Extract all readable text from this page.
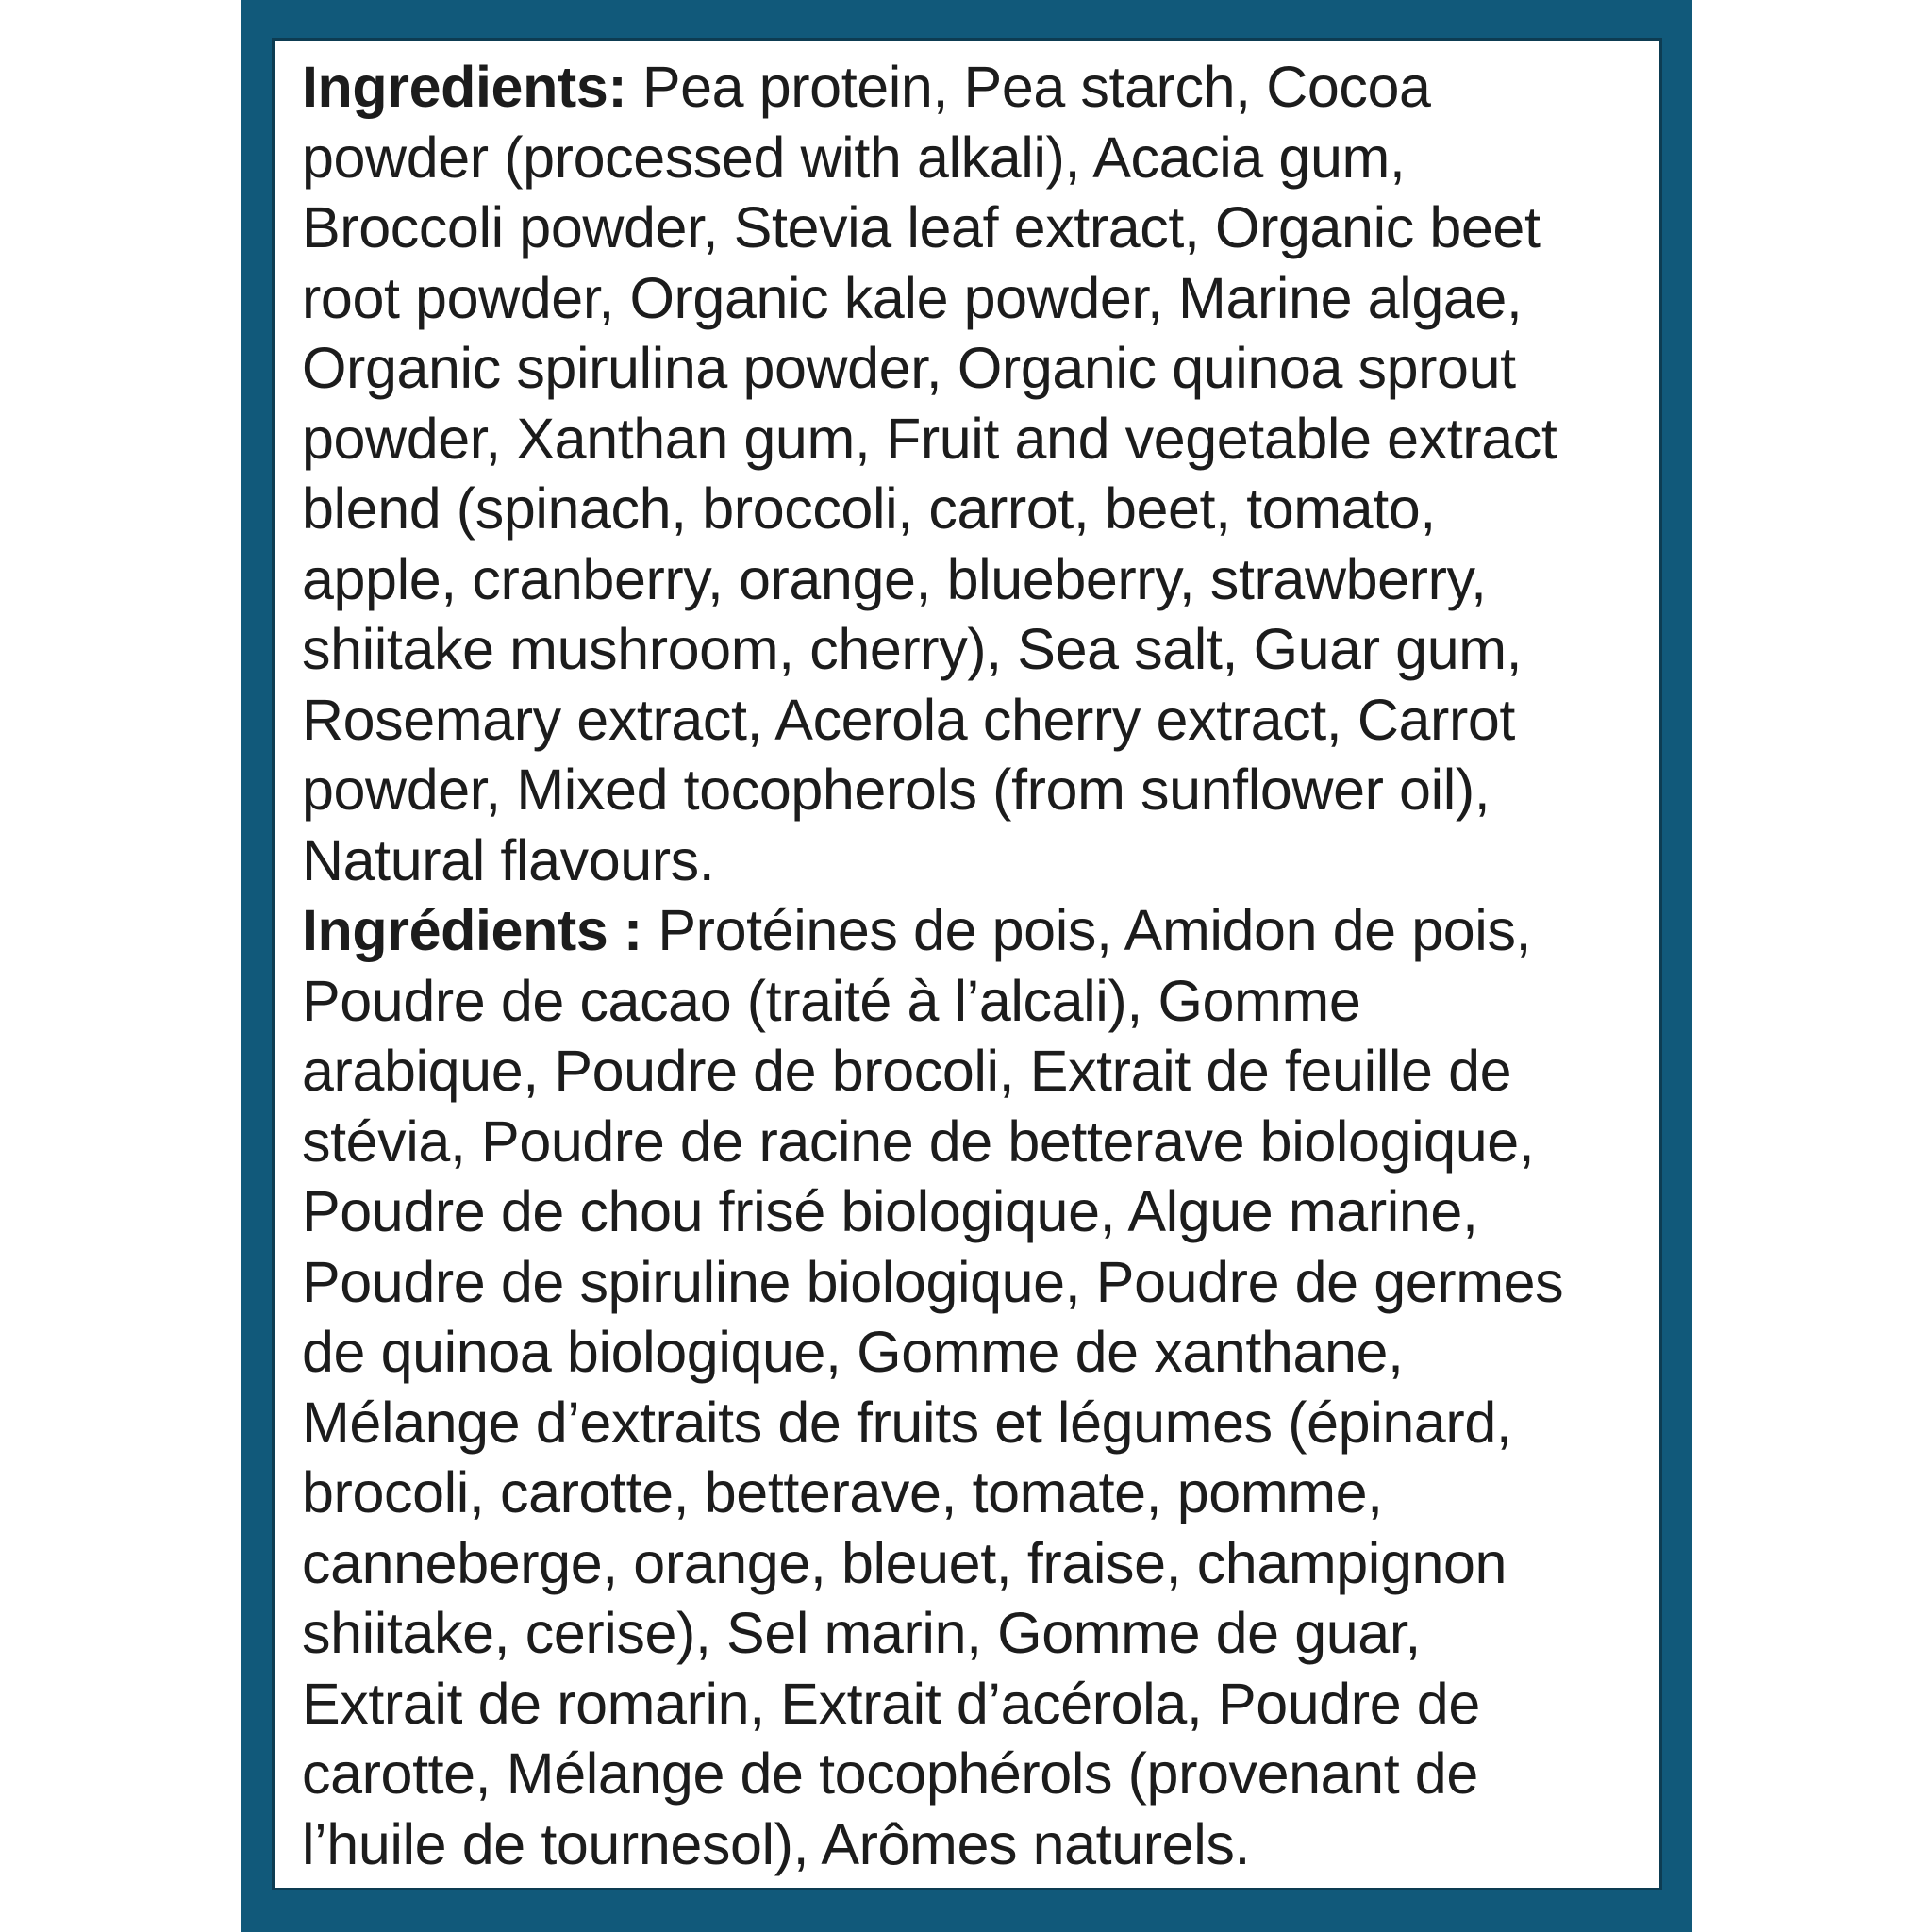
Ingredients: Pea protein, Pea starch, Cocoa
powder (processed with alkali), Acacia gum,
Broccoli powder, Stevia leaf extract, Organic beet
root powder, Organic kale powder, Marine algae,
Organic spirulina powder, Organic quinoa sprout
powder, Xanthan gum, Fruit and vegetable extract
blend (spinach, broccoli, carrot, beet, tomato,
apple, cranberry, orange, blueberry, strawberry,
shiitake mushroom, cherry), Sea salt, Guar gum,
Rosemary extract, Acerola cherry extract, Carrot
powder, Mixed tocopherols (from sunflower oil),
Natural flavours.
Ingrédients : Protéines de pois, Amidon de pois,
Poudre de cacao (traité à l’alcali), Gomme
arabique, Poudre de brocoli, Extrait de feuille de
stévia, Poudre de racine de betterave biologique,
Poudre de chou frisé biologique, Algue marine,
Poudre de spiruline biologique, Poudre de germes
de quinoa biologique, Gomme de xanthane,
Mélange d’extraits de fruits et légumes (épinard,
brocoli, carotte, betterave, tomate, pomme,
canneberge, orange, bleuet, fraise, champignon
shiitake, cerise), Sel marin, Gomme de guar,
Extrait de romarin, Extrait d’acérola, Poudre de
carotte, Mélange de tocophérols (provenant de
l’huile de tournesol), Arômes naturels.
